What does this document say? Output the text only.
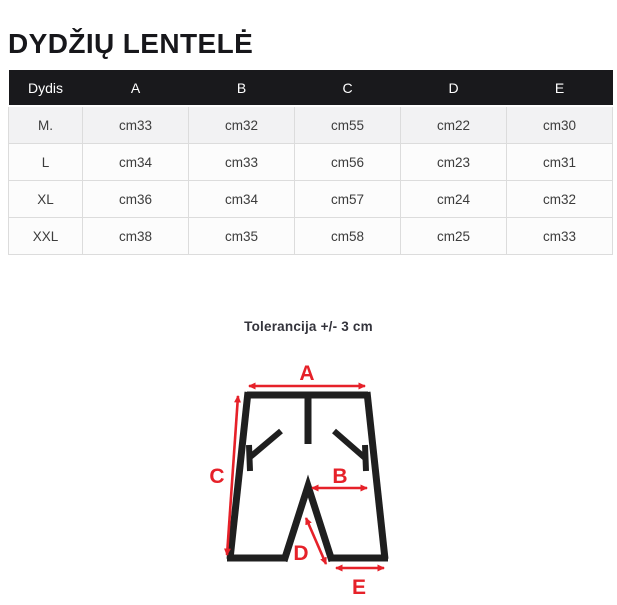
DYDŽIŲ LENTELĖ
Dydis	A	B	C	D	E
M.	cm33	cm32	cm55	cm22	cm30
L	cm34	cm33	cm56	cm23	cm31
XL	cm36	cm34	cm57	cm24	cm32
XXL	cm38	cm35	cm58	cm25	cm33
Tolerancija +/- 3 cm
A
C	B
D
E
